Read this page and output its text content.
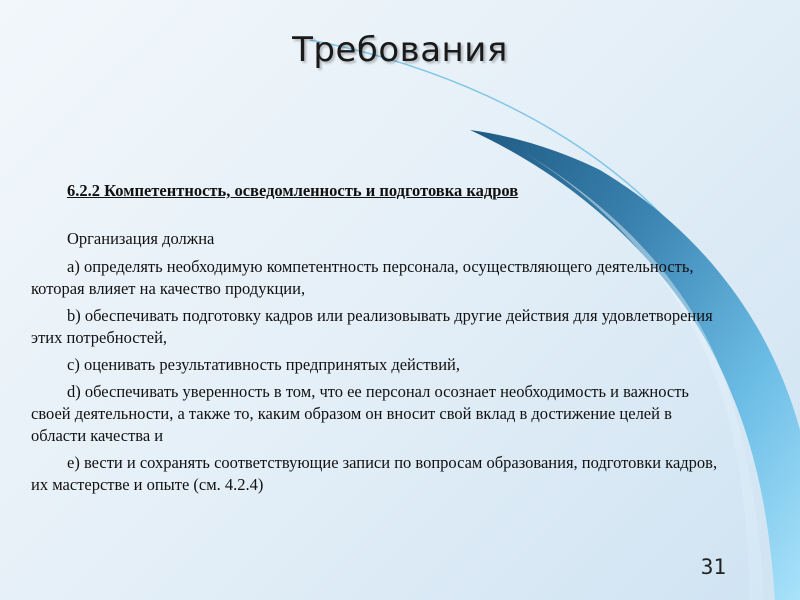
Требования

6.2.2 Компетентность, осведомленность и подготовка кадров

Организация должна

а) определять необходимую компетентность персонала, осуществляющего деятельность, которая влияет на качество продукции,

b) обеспечивать подготовку кадров или реализовывать другие действия для удовлетворения этих потребностей,

с) оценивать результативность предпринятых действий,

d) обеспечивать уверенность в том, что ее персонал осознает необходимость и важность своей деятельности, а также то, каким образом он вносит свой вклад в достижение целей в области качества и

е) вести и сохранять соответствующие записи по вопросам образования, подготовки кадров, их мастерстве и опыте (см. 4.2.4)

31
